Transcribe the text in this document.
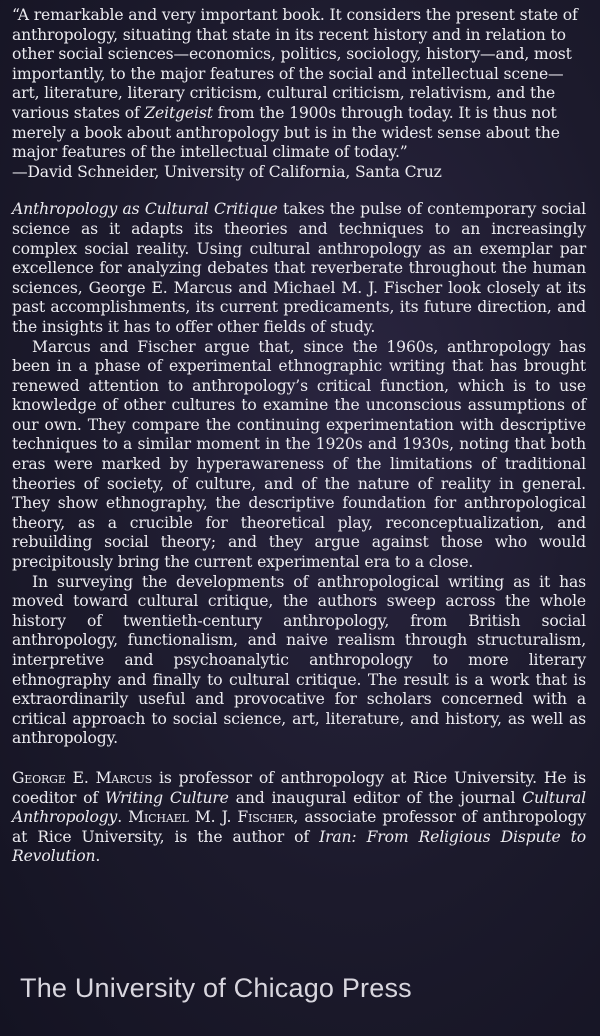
“A remarkable and very important book. It considers the present state of anthropology, situating that state in its recent history and in relation to other social sciences—economics, politics, sociology, history—and, most importantly, to the major features of the social and intellectual scene—art, literature, literary criticism, cultural criticism, relativism, and the various states of Zeitgeist from the 1900s through today. It is thus not merely a book about anthropology but is in the widest sense about the major features of the intellectual climate of today.”
—David Schneider, University of California, Santa Cruz

Anthropology as Cultural Critique takes the pulse of contemporary social science as it adapts its theories and techniques to an increasingly complex social reality. Using cultural anthropology as an exemplar par excellence for analyzing debates that reverberate throughout the human sciences, George E. Marcus and Michael M. J. Fischer look closely at its past accomplishments, its current predicaments, its future direction, and the insights it has to offer other fields of study.

Marcus and Fischer argue that, since the 1960s, anthropology has been in a phase of experimental ethnographic writing that has brought renewed attention to anthropology’s critical function, which is to use knowledge of other cultures to examine the unconscious assumptions of our own. They compare the continuing experimentation with descriptive techniques to a similar moment in the 1920s and 1930s, noting that both eras were marked by hyperawareness of the limitations of traditional theories of society, of culture, and of the nature of reality in general. They show ethnography, the descriptive foundation for anthropological theory, as a crucible for theoretical play, reconceptualization, and rebuilding social theory; and they argue against those who would precipitously bring the current experimental era to a close.

In surveying the developments of anthropological writing as it has moved toward cultural critique, the authors sweep across the whole history of twentieth-century anthropology, from British social anthropology, functionalism, and naive realism through structuralism, interpretive and psychoanalytic anthropology to more literary ethnography and finally to cultural critique. The result is a work that is extraordinarily useful and provocative for scholars concerned with a critical approach to social science, art, literature, and history, as well as anthropology.

George E. Marcus is professor of anthropology at Rice University. He is coeditor of Writing Culture and inaugural editor of the journal Cultural Anthropology. Michael M. J. Fischer, associate professor of anthropology at Rice University, is the author of Iran: From Religious Dispute to Revolution.

The University of Chicago Press
